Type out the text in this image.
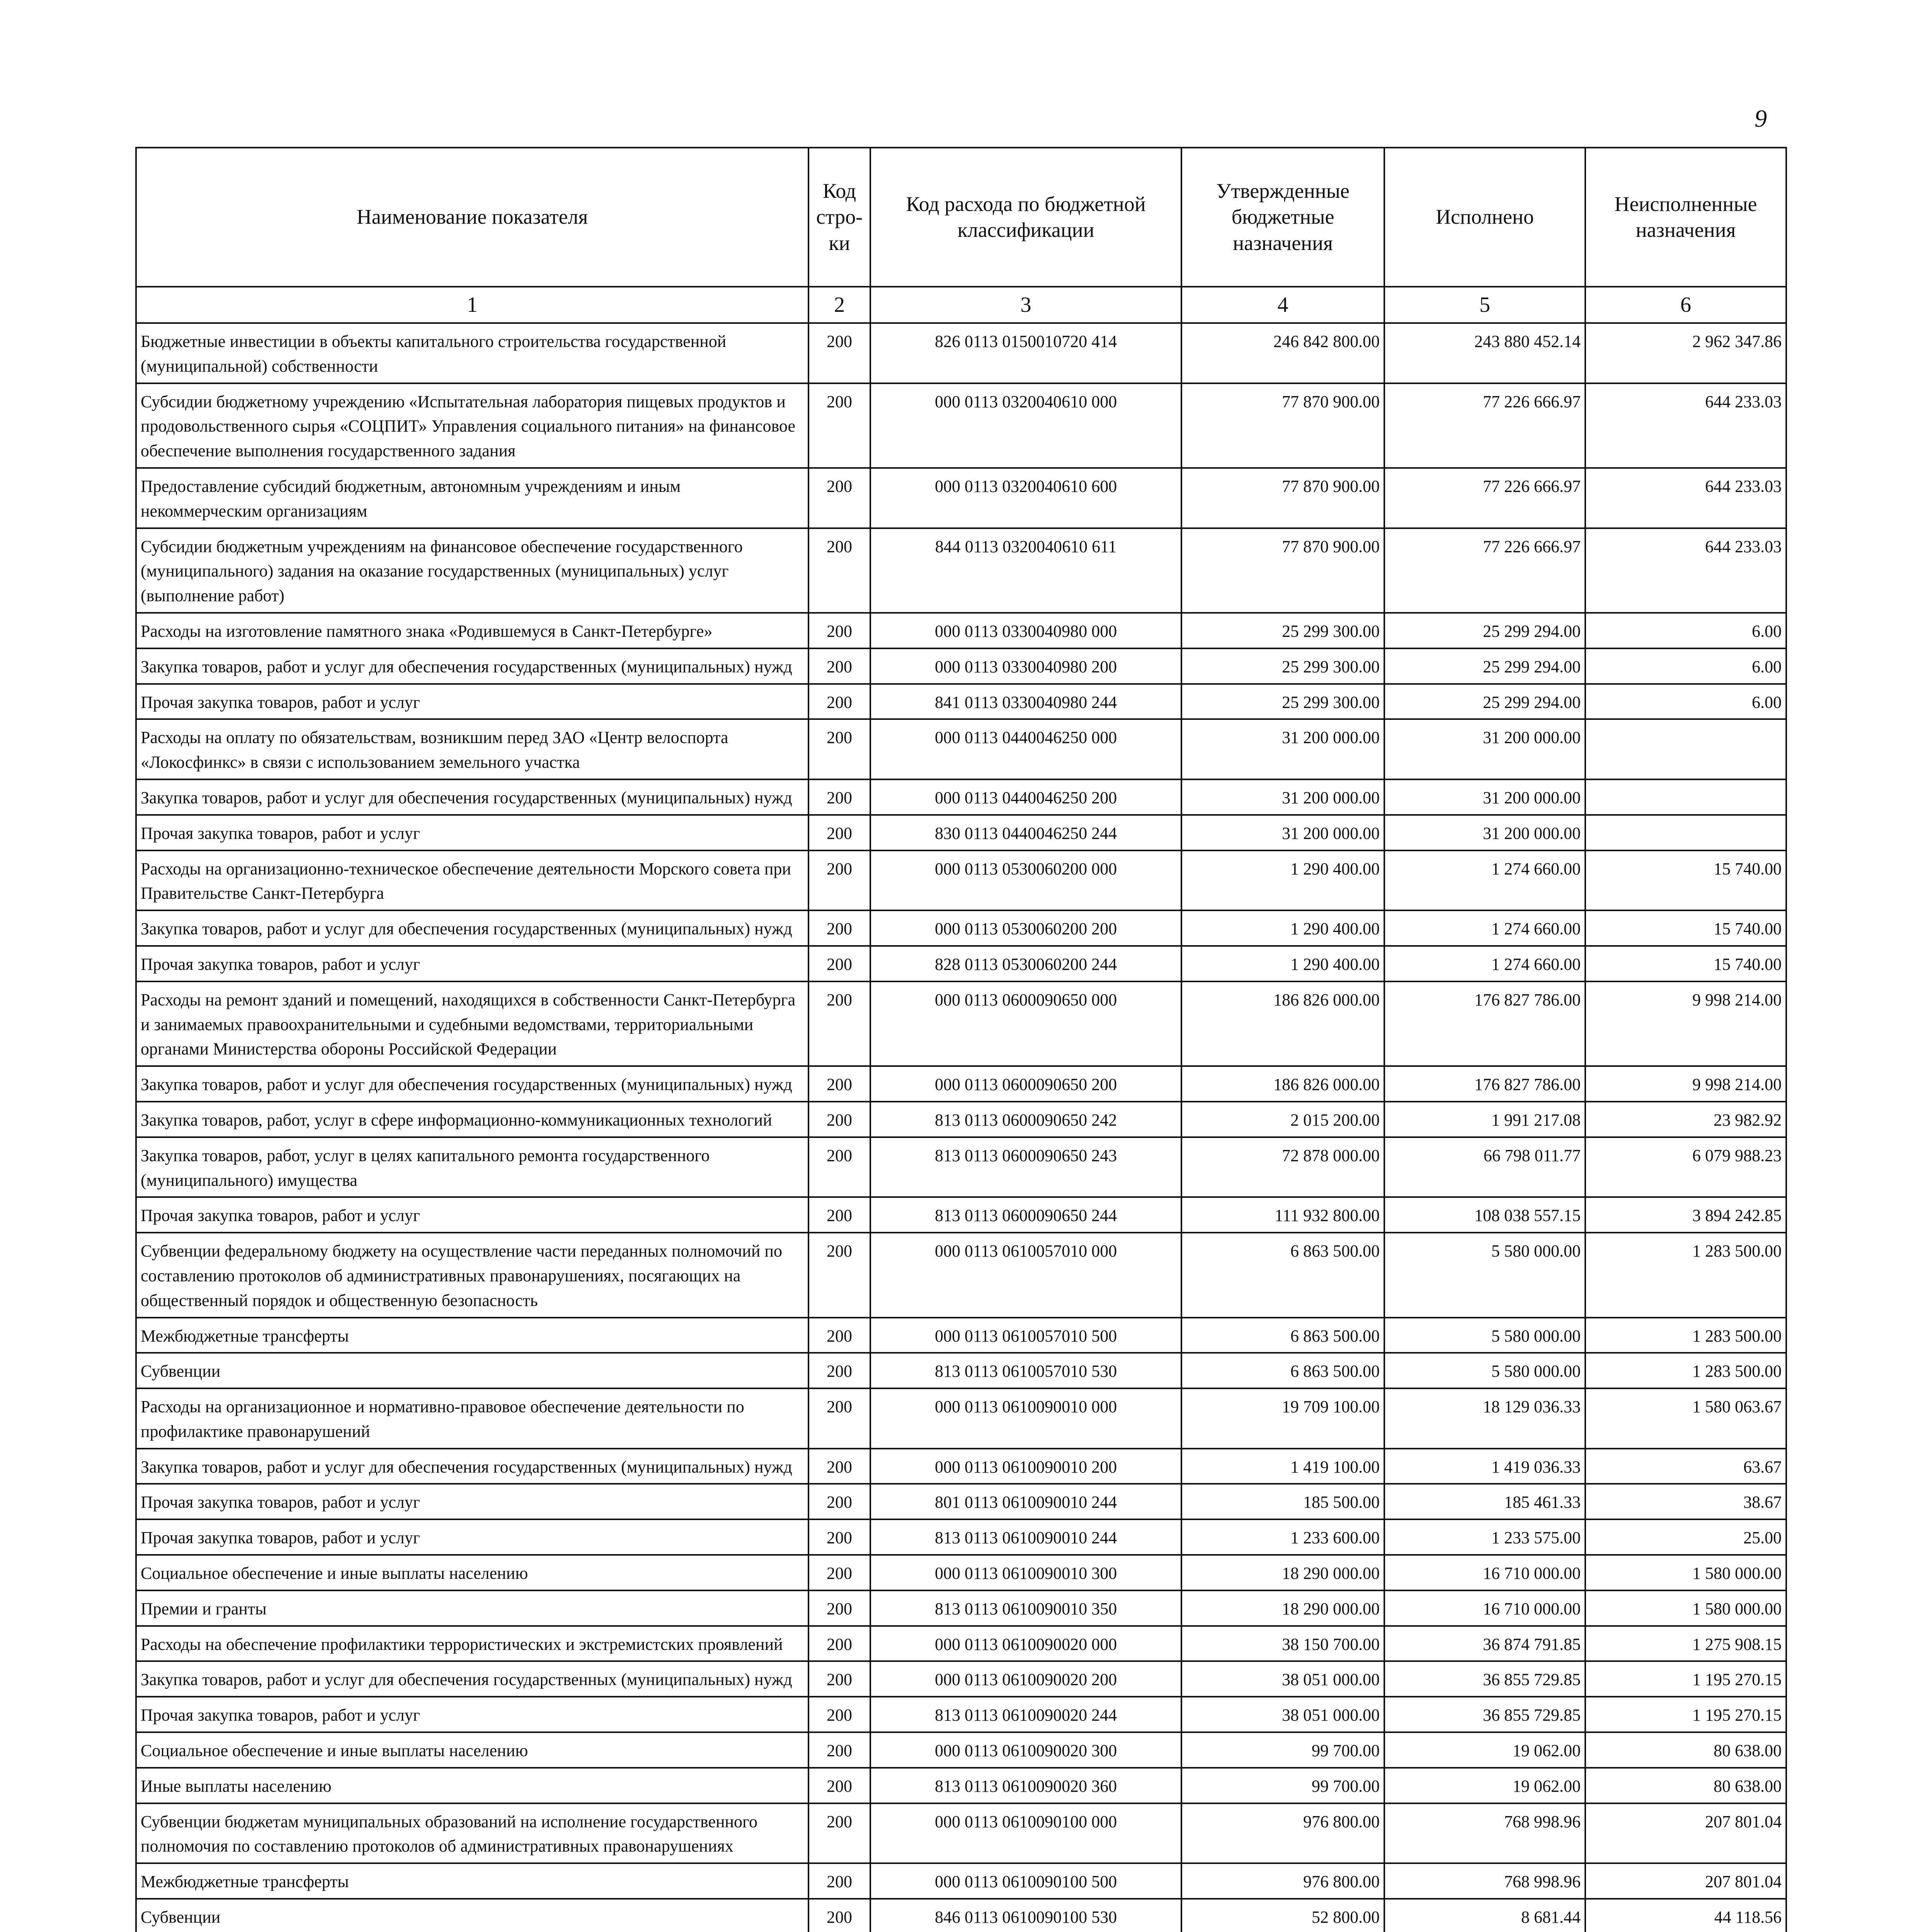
9
Наименование показателя	Код стро-ки	Код расхода по бюджетной классификации	Утвержденные бюджетные назначения	Исполнено	Неисполненные назначения
1	2	3	4	5	6
Бюджетные инвестиции в объекты капитального строительства государственной (муниципальной) собственности	200	826 0113 0150010720 414	246 842 800.00	243 880 452.14	2 962 347.86
Субсидии бюджетному учреждению «Испытательная лаборатория пищевых продуктов и продовольственного сырья «СОЦПИТ» Управления социального питания» на финансовое обеспечение выполнения государственного задания	200	000 0113 0320040610 000	77 870 900.00	77 226 666.97	644 233.03
Предоставление субсидий бюджетным, автономным учреждениям и иным некоммерческим организациям	200	000 0113 0320040610 600	77 870 900.00	77 226 666.97	644 233.03
Субсидии бюджетным учреждениям на финансовое обеспечение государственного (муниципального) задания на оказание государственных (муниципальных) услуг (выполнение работ)	200	844 0113 0320040610 611	77 870 900.00	77 226 666.97	644 233.03
Расходы на изготовление памятного знака «Родившемуся в Санкт-Петербурге»	200	000 0113 0330040980 000	25 299 300.00	25 299 294.00	6.00
Закупка товаров, работ и услуг для обеспечения государственных (муниципальных) нужд	200	000 0113 0330040980 200	25 299 300.00	25 299 294.00	6.00
Прочая закупка товаров, работ и услуг	200	841 0113 0330040980 244	25 299 300.00	25 299 294.00	6.00
Расходы на оплату по обязательствам, возникшим перед ЗАО «Центр велоспорта «Локосфинкс» в связи с использованием земельного участка	200	000 0113 0440046250 000	31 200 000.00	31 200 000.00	
Закупка товаров, работ и услуг для обеспечения государственных (муниципальных) нужд	200	000 0113 0440046250 200	31 200 000.00	31 200 000.00	
Прочая закупка товаров, работ и услуг	200	830 0113 0440046250 244	31 200 000.00	31 200 000.00	
Расходы на организационно-техническое обеспечение деятельности Морского совета при Правительстве Санкт-Петербурга	200	000 0113 0530060200 000	1 290 400.00	1 274 660.00	15 740.00
Закупка товаров, работ и услуг для обеспечения государственных (муниципальных) нужд	200	000 0113 0530060200 200	1 290 400.00	1 274 660.00	15 740.00
Прочая закупка товаров, работ и услуг	200	828 0113 0530060200 244	1 290 400.00	1 274 660.00	15 740.00
Расходы на ремонт зданий и помещений, находящихся в собственности Санкт-Петербурга и занимаемых правоохранительными и судебными ведомствами, территориальными органами Министерства обороны Российской Федерации	200	000 0113 0600090650 000	186 826 000.00	176 827 786.00	9 998 214.00
Закупка товаров, работ и услуг для обеспечения государственных (муниципальных) нужд	200	000 0113 0600090650 200	186 826 000.00	176 827 786.00	9 998 214.00
Закупка товаров, работ, услуг в сфере информационно-коммуникационных технологий	200	813 0113 0600090650 242	2 015 200.00	1 991 217.08	23 982.92
Закупка товаров, работ, услуг в целях капитального ремонта государственного (муниципального) имущества	200	813 0113 0600090650 243	72 878 000.00	66 798 011.77	6 079 988.23
Прочая закупка товаров, работ и услуг	200	813 0113 0600090650 244	111 932 800.00	108 038 557.15	3 894 242.85
Субвенции федеральному бюджету на осуществление части переданных полномочий по составлению протоколов об административных правонарушениях, посягающих на общественный порядок и общественную безопасность	200	000 0113 0610057010 000	6 863 500.00	5 580 000.00	1 283 500.00
Межбюджетные трансферты	200	000 0113 0610057010 500	6 863 500.00	5 580 000.00	1 283 500.00
Субвенции	200	813 0113 0610057010 530	6 863 500.00	5 580 000.00	1 283 500.00
Расходы на организационное и нормативно-правовое обеспечение деятельности по профилактике правонарушений	200	000 0113 0610090010 000	19 709 100.00	18 129 036.33	1 580 063.67
Закупка товаров, работ и услуг для обеспечения государственных (муниципальных) нужд	200	000 0113 0610090010 200	1 419 100.00	1 419 036.33	63.67
Прочая закупка товаров, работ и услуг	200	801 0113 0610090010 244	185 500.00	185 461.33	38.67
Прочая закупка товаров, работ и услуг	200	813 0113 0610090010 244	1 233 600.00	1 233 575.00	25.00
Социальное обеспечение и иные выплаты населению	200	000 0113 0610090010 300	18 290 000.00	16 710 000.00	1 580 000.00
Премии и гранты	200	813 0113 0610090010 350	18 290 000.00	16 710 000.00	1 580 000.00
Расходы на обеспечение профилактики террористических и экстремистских проявлений	200	000 0113 0610090020 000	38 150 700.00	36 874 791.85	1 275 908.15
Закупка товаров, работ и услуг для обеспечения государственных (муниципальных) нужд	200	000 0113 0610090020 200	38 051 000.00	36 855 729.85	1 195 270.15
Прочая закупка товаров, работ и услуг	200	813 0113 0610090020 244	38 051 000.00	36 855 729.85	1 195 270.15
Социальное обеспечение и иные выплаты населению	200	000 0113 0610090020 300	99 700.00	19 062.00	80 638.00
Иные выплаты населению	200	813 0113 0610090020 360	99 700.00	19 062.00	80 638.00
Субвенции бюджетам муниципальных образований на исполнение государственного полномочия по составлению протоколов об административных правонарушениях	200	000 0113 0610090100 000	976 800.00	768 998.96	207 801.04
Межбюджетные трансферты	200	000 0113 0610090100 500	976 800.00	768 998.96	207 801.04
Субвенции	200	846 0113 0610090100 530	52 800.00	8 681.44	44 118.56
